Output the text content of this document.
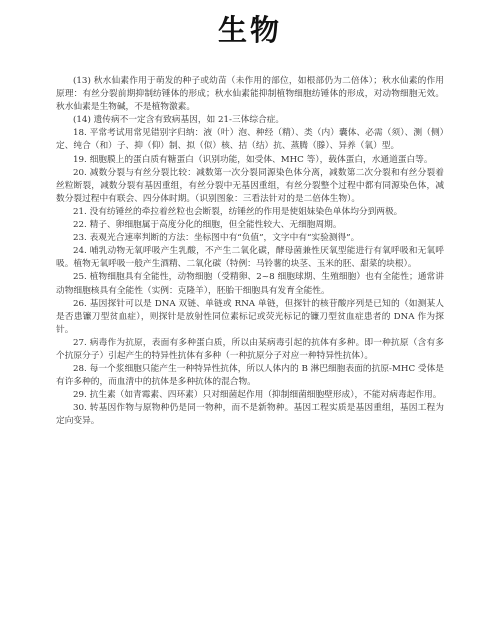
生物

(13) 秋水仙素作用于萌发的种子或幼苗（未作用的部位，如根部仍为二倍体）；秋水仙素的作用原理：有丝分裂前期抑制纺锤体的形成；秋水仙素能抑制植物细胞纺锤体的形成，对动物细胞无效。秋水仙素是生物碱，不是植物激素。

(14) 遗传病不一定含有致病基因，如 21-三体综合症。

18. 平常考试用常见错别字归纳：液（叶）泡、种经（精）、类（内）囊体、必需（须）、测（侧）定、纯合（和）子、抑（仰）制、拟（似）核、拮（结）抗、蒸腾（滕）、异养（氧）型。

19. 细胞膜上的蛋白质有糖蛋白（识别功能，如受体、MHC 等），载体蛋白，水通道蛋白等。

20. 减数分裂与有丝分裂比较：减数第一次分裂同源染色体分离，减数第二次分裂和有丝分裂着丝粒断裂，减数分裂有基因重组，有丝分裂中无基因重组，有丝分裂整个过程中都有同源染色体，减数分裂过程中有联会、四分体时期。（识别图象：三看法针对的是二倍体生物）。

21. 没有纺锤丝的牵拉着丝粒也会断裂，纺锤丝的作用是使姐妹染色单体均分到两极。

22. 精子、卵细胞属于高度分化的细胞，但全能性较大、无细胞周期。

23. 表观光合速率判断的方法：坐标图中有“负值”，文字中有“实验测得”。

24. 哺乳动物无氧呼吸产生乳酸，不产生二氧化碳，酵母菌兼性厌氧型能进行有氧呼吸和无氧呼吸。植物无氧呼吸一般产生酒精、二氧化碳（特例：马铃薯的块茎、玉米的胚、甜菜的块根）。

25. 植物细胞具有全能性，动物细胞（受精卵、2~8 细胞球期、生殖细胞）也有全能性；通常讲动物细胞核具有全能性（实例：克隆羊），胚胎干细胞具有发育全能性。

26. 基因探针可以是 DNA 双链、单链或 RNA 单链，但探针的核苷酸序列是已知的（如测某人是否患镰刀型贫血症），则探针是放射性同位素标记或荧光标记的镰刀型贫血症患者的 DNA 作为探针。

27. 病毒作为抗原，表面有多种蛋白质，所以由某病毒引起的抗体有多种。即一种抗原（含有多个抗原分子）引起产生的特异性抗体有多种（一种抗原分子对应一种特异性抗体）。

28. 每一个浆细胞只能产生一种特异性抗体，所以人体内的 B 淋巴细胞表面的抗原-MHC 受体是有许多种的，而血清中的抗体是多种抗体的混合物。

29. 抗生素（如青霉素、四环素）只对细菌起作用（抑制细菌细胞壁形成），不能对病毒起作用。

30. 转基因作物与原物种仍是同一物种，而不是新物种。基因工程实质是基因重组，基因工程为定向变异。
